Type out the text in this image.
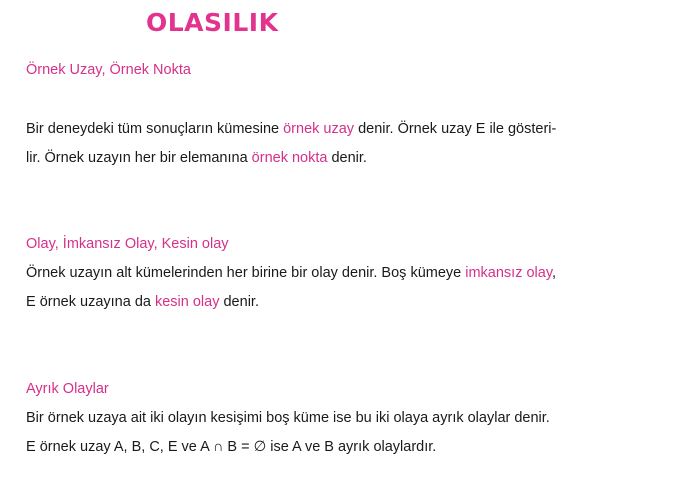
OLASILIK
Örnek Uzay, Örnek Nokta
Bir deneydeki tüm sonuçların kümesine örnek uzay denir. Örnek uzay E ile gösteri-
lir. Örnek uzayın her bir elemanına örnek nokta denir.
Olay, İmkansız Olay, Kesin olay
Örnek uzayın alt kümelerinden her birine bir olay denir. Boş kümeye imkansız olay,
E örnek uzayına da kesin olay denir.
Ayrık Olaylar
Bir örnek uzaya ait iki olayın kesişimi boş küme ise bu iki olaya ayrık olaylar denir.
E örnek uzay A, B, C, E ve A ∩ B = ∅ ise A ve B ayrık olaylardır.
